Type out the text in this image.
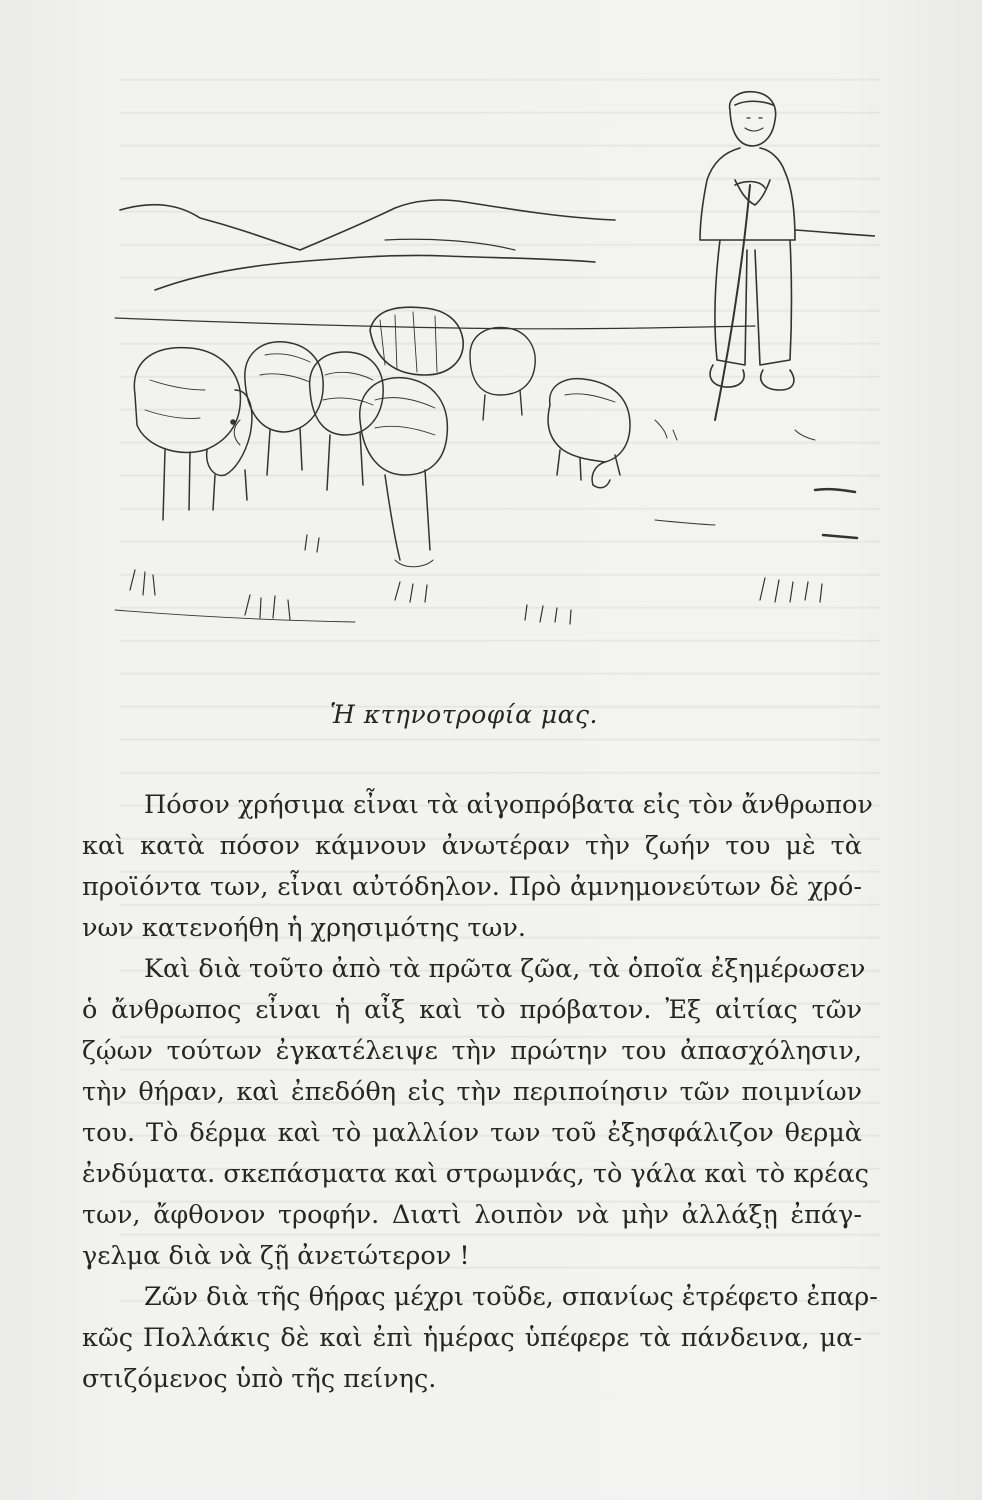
Ἡ κτηνοτροφία μας.
Πόσον χρήσιμα εἶναι τὰ αἰγοπρόβατα εἰς τὸν ἄνθρωπον
καὶ κατὰ πόσον κάμνουν ἀνωτέραν τὴν ζωήν του μὲ τὰ
προϊόντα των, εἶναι αὐτόδηλον. Πρὸ ἀμνημονεύτων δὲ χρό-
νων κατενοήθη ἡ χρησιμότης των.
Καὶ διὰ τοῦτο ἀπὸ τὰ πρῶτα ζῶα, τὰ ὁποῖα ἐξημέρωσεν
ὁ ἄνθρωπος εἶναι ἡ αἶξ καὶ τὸ πρόβατον. Ἐξ αἰτίας τῶν
ζῴων τούτων ἐγκατέλειψε τὴν πρώτην του ἀπασχόλησιν,
τὴν θήραν, καὶ ἐπεδόθη εἰς τὴν περιποίησιν τῶν ποιμνίων
του. Τὸ δέρμα καὶ τὸ μαλλίον των τοῦ ἐξησφάλιζον θερμὰ
ἐνδύματα. σκεπάσματα καὶ στρωμνάς, τὸ γάλα καὶ τὸ κρέας
των, ἄφθονον τροφήν. Διατὶ λοιπὸν νὰ μὴν ἀλλάξῃ ἐπάγ-
γελμα διὰ νὰ ζῇ ἀνετώτερον !
Ζῶν διὰ τῆς θήρας μέχρι τοῦδε, σπανίως ἐτρέφετο ἐπαρ-
κῶς Πολλάκις δὲ καὶ ἐπὶ ἡμέρας ὑπέφερε τὰ πάνδεινα, μα-
στιζόμενος ὑπὸ τῆς πείνης.
